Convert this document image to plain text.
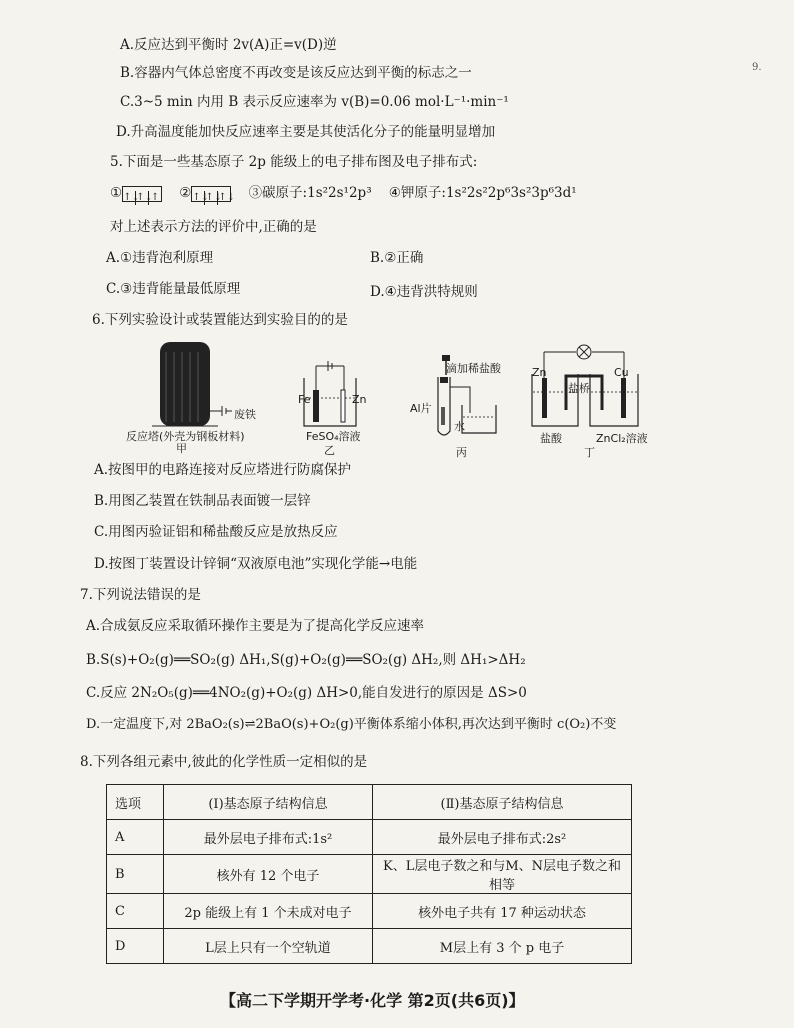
A.反应达到平衡时 2v(A)正=v(D)逆
B.容器内气体总密度不再改变是该反应达到平衡的标志之一
C.3~5 min 内用 B 表示反应速率为 v(B)=0.06 mol·L⁻¹·min⁻¹
D.升高温度能加快反应速率主要是其使活化分子的能量明显增加
9.
5.下面是一些基态原子 2p 能级上的电子排布图及电子排布式:
①↑↓↑↓↑ ②↑↓↑↓↑↓ ③碳原子:1s²2s¹2p³ ④钾原子:1s²2s²2p⁶3s²3p⁶3d¹
对上述表示方法的评价中,正确的是
A.①违背泡利原理	B.②正确
C.③违背能量最低原理	D.④违背洪特规则
6.下列实验设计或装置能达到实验目的的是
废铁
反应塔(外壳为钢板材料)
甲
Fe	Zn
FeSO₄溶液
乙
滴加稀盐酸
Al片
水
丙
Zn	Cu
盐桥
盐酸	ZnCl₂溶液
丁
A.按图甲的电路连接对反应塔进行防腐保护
B.用图乙装置在铁制品表面镀一层锌
C.用图丙验证铝和稀盐酸反应是放热反应
D.按图丁装置设计锌铜“双液原电池”实现化学能→电能
7.下列说法错误的是
A.合成氨反应采取循环操作主要是为了提高化学反应速率
B.S(s)+O₂(g)══SO₂(g) ΔH₁,S(g)+O₂(g)══SO₂(g) ΔH₂,则 ΔH₁>ΔH₂
C.反应 2N₂O₅(g)══4NO₂(g)+O₂(g) ΔH>0,能自发进行的原因是 ΔS>0
D.一定温度下,对 2BaO₂(s)⇌2BaO(s)+O₂(g)平衡体系缩小体积,再次达到平衡时 c(O₂)不变
8.下列各组元素中,彼此的化学性质一定相似的是
选项	(Ⅰ)基态原子结构信息	(Ⅱ)基态原子结构信息
A	最外层电子排布式:1s²	最外层电子排布式:2s²
B	核外有 12 个电子	K、L层电子数之和与M、N层电子数之和相等
C	2p 能级上有 1 个未成对电子	核外电子共有 17 种运动状态
D	L层上只有一个空轨道	M层上有 3 个 p 电子
【高二下学期开学考·化学 第2页(共6页)】
